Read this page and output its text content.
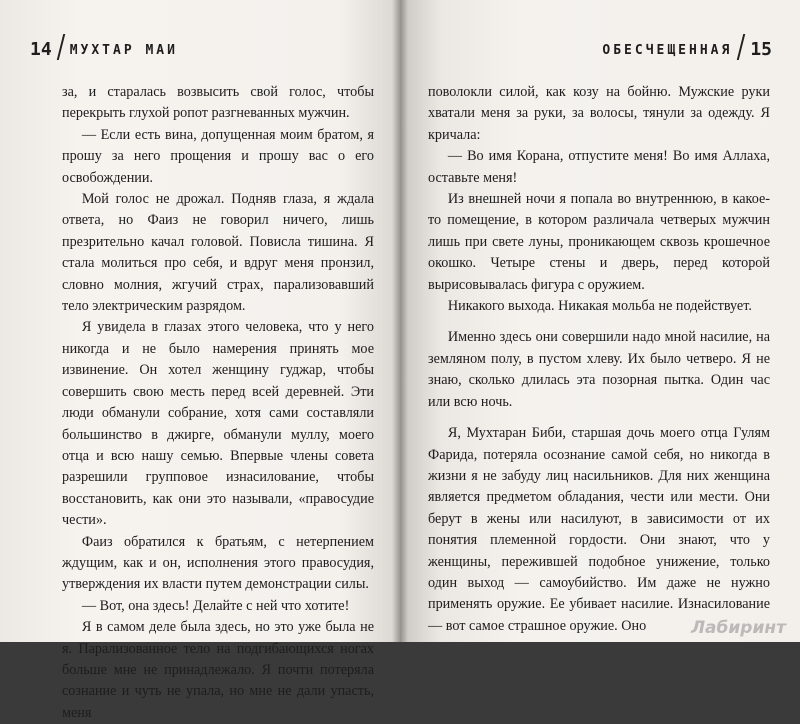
14 МУХТАР МАИ

за, и старалась возвысить свой голос, чтобы перекрыть глухой ропот разгневанных мужчин.

— Если есть вина, допущенная моим братом, я прошу за него прощения и прошу вас о его освобождении.

Мой голос не дрожал. Подняв глаза, я ждала ответа, но Фаиз не говорил ничего, лишь презрительно качал головой. Повисла тишина. Я стала молиться про себя, и вдруг меня пронзил, словно молния, жгучий страх, парализовавший тело электрическим разрядом.

Я увидела в глазах этого человека, что у него никогда и не было намерения принять мое извинение. Он хотел женщину гуджар, чтобы совершить свою месть перед всей деревней. Эти люди обманули собрание, хотя сами составляли большинство в джирге, обманули муллу, моего отца и всю нашу семью. Впервые члены совета разрешили групповое изнасилование, чтобы восстановить, как они это называли, «правосудие чести».

Фаиз обратился к братьям, с нетерпением ждущим, как и он, исполнения этого правосудия, утверждения их власти путем демонстрации силы.

— Вот, она здесь! Делайте с ней что хотите!

Я в самом деле была здесь, но это уже была не я. Парализованное тело на подгибающихся ногах больше мне не принадлежало. Я почти потеряла сознание и чуть не упала, но мне не дали упасть, меня

ОБЕСЧЕЩЕННАЯ 15

поволокли силой, как козу на бойню. Мужские руки хватали меня за руки, за волосы, тянули за одежду. Я кричала:

— Во имя Корана, отпустите меня! Во имя Аллаха, оставьте меня!

Из внешней ночи я попала во внутреннюю, в какое-то помещение, в котором различала четверых мужчин лишь при свете луны, проникающем сквозь крошечное окошко. Четыре стены и дверь, перед которой вырисовывалась фигура с оружием.

Никакого выхода. Никакая мольба не подействует.

Именно здесь они совершили надо мной насилие, на земляном полу, в пустом хлеву. Их было четверо. Я не знаю, сколько длилась эта позорная пытка. Один час или всю ночь.

Я, Мухтаран Биби, старшая дочь моего отца Гулям Фарида, потеряла осознание самой себя, но никогда в жизни я не забуду лиц насильников. Для них женщина является предметом обладания, чести или мести. Они берут в жены или насилуют, в зависимости от их понятия племенной гордости. Они знают, что у женщины, пережившей подобное унижение, только один выход — самоубийство. Им даже не нужно применять оружие. Ее убивает насилие. Изнасилование — вот самое страшное оружие. Оно	Лабиринт
